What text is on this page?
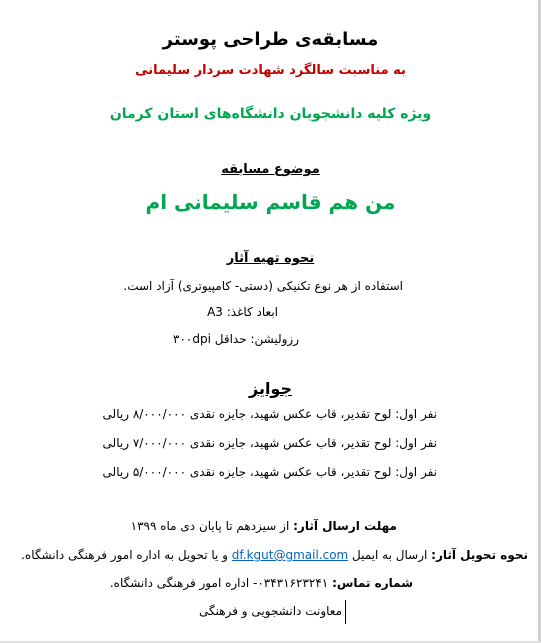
مسابقه‌ی طراحی پوستر
به مناسبت سالگرد شهادت سردار سلیمانی
ویژه کلیه دانشجویان دانشگاه‌های استان کرمان
موضوع مسابقه
من هم قاسم سلیمانی ام
نحوه تهیه آثار
استفاده از هر نوع تکنیکی (دستی- کامپیوتری) آزاد است.
ابعاد کاغذ: A3
رزولیشن: حداقل ۳۰۰dpi
جوایز
نفر اول: لوح تقدیر، قاب عکس شهید، جایزه نقدی ۸/۰۰۰/۰۰۰ ریالی
نفر اول: لوح تقدیر، قاب عکس شهید، جایزه نقدی ۷/۰۰۰/۰۰۰ ریالی
نفر اول: لوح تقدیر، قاب عکس شهید، جایزه نقدی ۵/۰۰۰/۰۰۰ ریالی
مهلت ارسال آثار: از سیزدهم تا پایان دی ماه ۱۳۹۹
نحوه تحویل آثار: ارسال به ایمیل df.kgut@gmail.com و یا تحویل به اداره امور فرهنگی دانشگاه.
شماره تماس: ۰۳۴۳۱۶۲۳۲۴۱- اداره امور فرهنگی دانشگاه.
معاونت دانشجویی و فرهنگی
